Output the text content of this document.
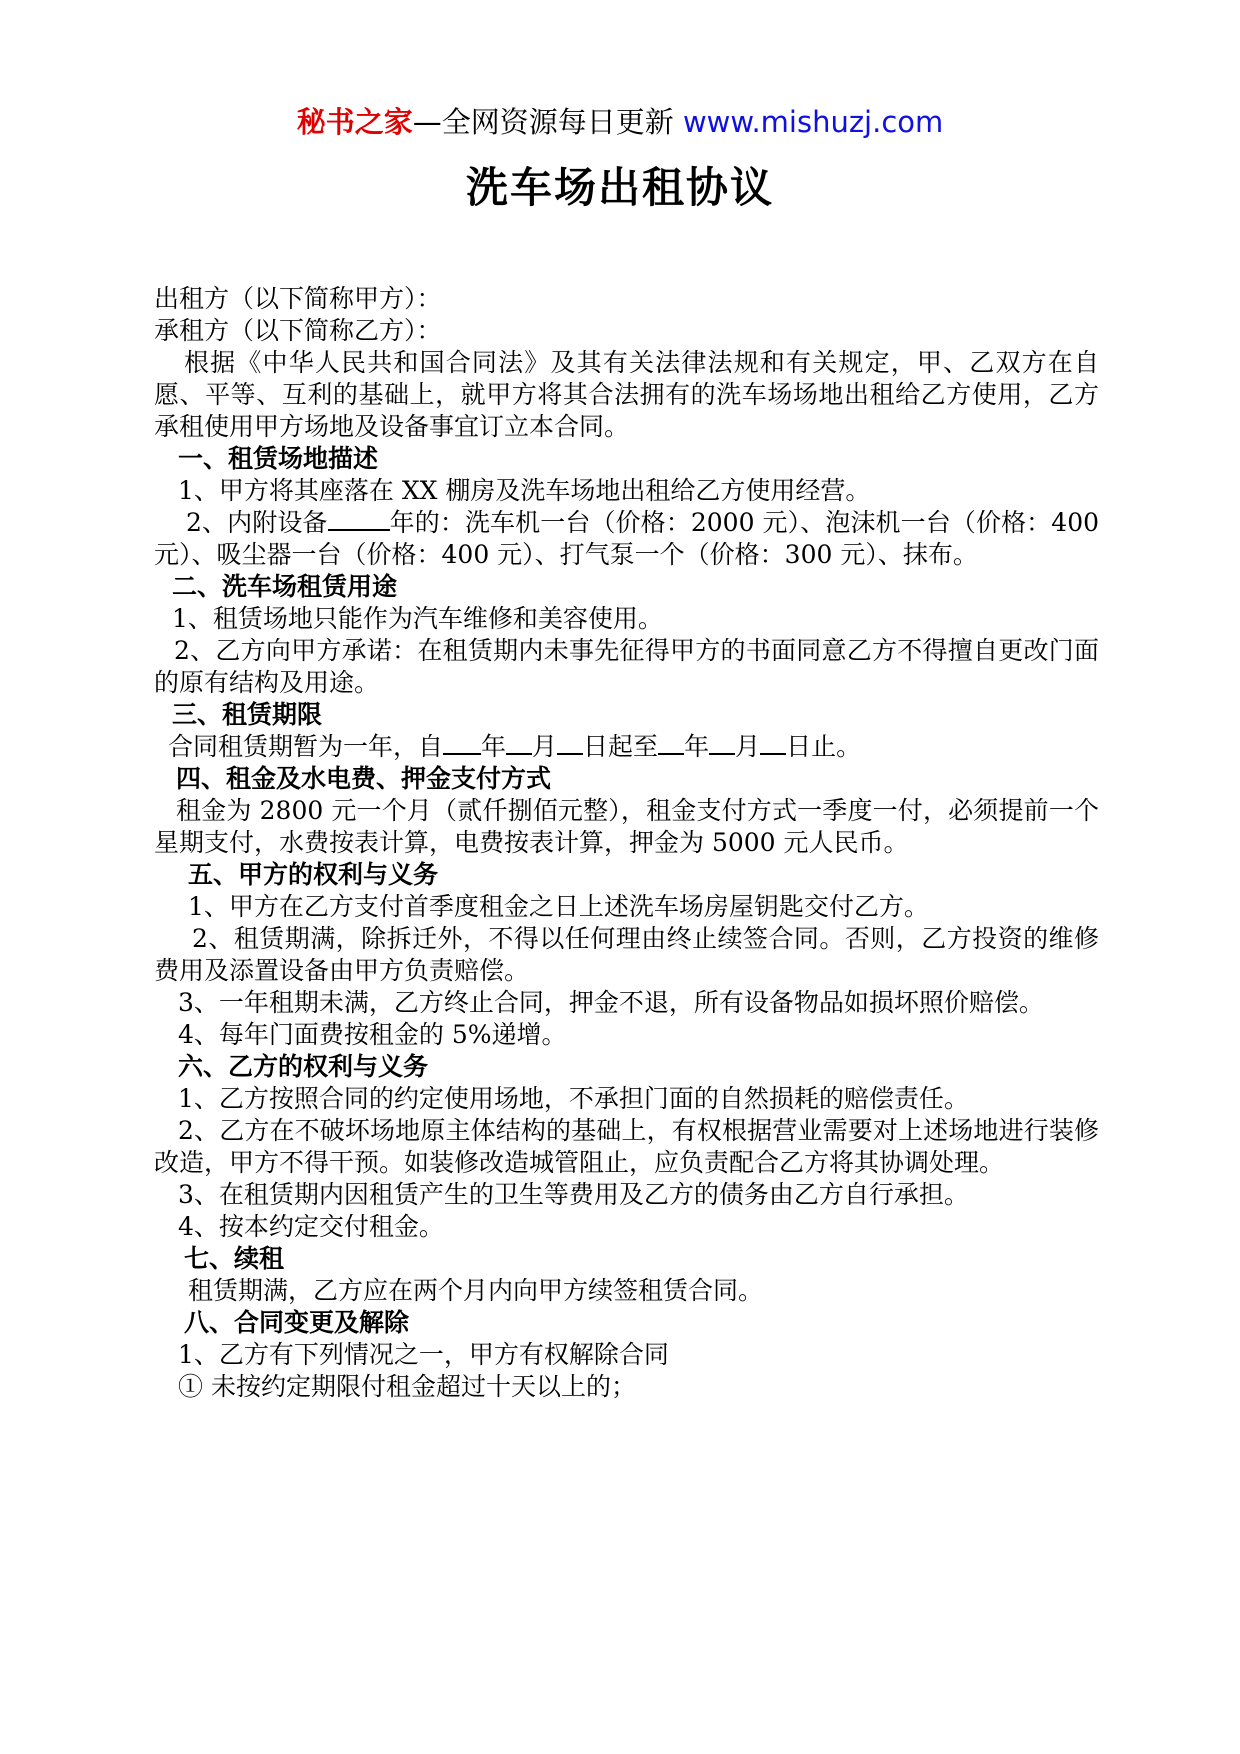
秘书之家—全网资源每日更新 www.mishuzj.com
洗车场出租协议

出租方（以下简称甲方）：

承租方（以下简称乙方）：

根据《中华人民共和国合同法》及其有关法律法规和有关规定，甲、乙双方在自愿、平等、互利的基础上，就甲方将其合法拥有的洗车场场地出租给乙方使用，乙方承租使用甲方场地及设备事宜订立本合同。

一、租赁场地描述

1、甲方将其座落在 XX 棚房及洗车场地出租给乙方使用经营。

2、内附设备 年的：洗车机一台（价格：2000 元）、泡沫机一台（价格：400 元）、吸尘器一台（价格：400 元）、打气泵一个（价格：300 元）、抹布。

二、洗车场租赁用途

1、租赁场地只能作为汽车维修和美容使用。

2、乙方向甲方承诺：在租赁期内未事先征得甲方的书面同意乙方不得擅自更改门面的原有结构及用途。

三、租赁期限

合同租赁期暂为一年，自 年 月 日起至 年 月 日止。

四、租金及水电费、押金支付方式

租金为 2800 元一个月（贰仟捌佰元整），租金支付方式一季度一付，必须提前一个星期支付，水费按表计算，电费按表计算，押金为 5000 元人民币。

五、甲方的权利与义务

1、甲方在乙方支付首季度租金之日上述洗车场房屋钥匙交付乙方。

2、租赁期满，除拆迁外，不得以任何理由终止续签合同。否则，乙方投资的维修费用及添置设备由甲方负责赔偿。

3、一年租期未满，乙方终止合同，押金不退，所有设备物品如损坏照价赔偿。

4、每年门面费按租金的 5%递增。

六、乙方的权利与义务

1、乙方按照合同的约定使用场地，不承担门面的自然损耗的赔偿责任。

2、乙方在不破坏场地原主体结构的基础上，有权根据营业需要对上述场地进行装修改造，甲方不得干预。如装修改造城管阻止，应负责配合乙方将其协调处理。

3、在租赁期内因租赁产生的卫生等费用及乙方的债务由乙方自行承担。

4、按本约定交付租金。

七、续租

租赁期满，乙方应在两个月内向甲方续签租赁合同。

八、合同变更及解除

1、乙方有下列情况之一，甲方有权解除合同

① 未按约定期限付租金超过十天以上的；
